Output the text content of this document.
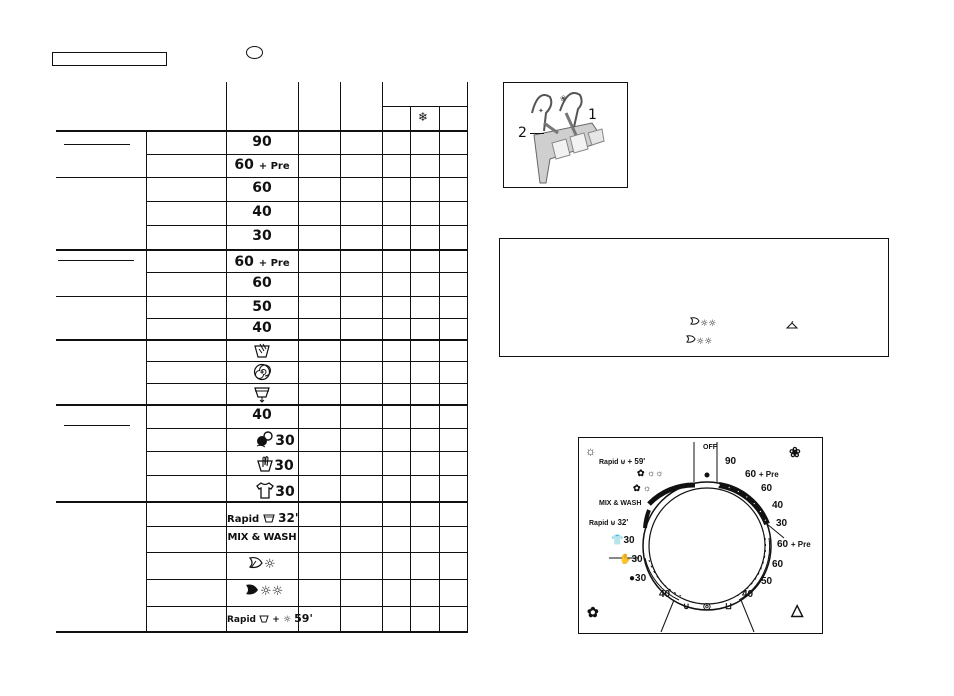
❄
90
60 + Pre
60
40
30
60 + Pre
60
50
40
40
30
30
30
Rapid 32'
MIX & WASH
☼
☼☼
Rapid + ☼ 59'
❀
✦	1
2
☼☼
☼☼
OFF
90
60 + Pre
60
40
30
60 + Pre
60
50
40
☼
Rapid ⊍ + 59'
✿ ☼☼
✿ ☼
MIX & WASH
Rapid ⊍ 32'
👕30
✋30
●30
40
⊍ ◎ ⊔
❀
△
✿
